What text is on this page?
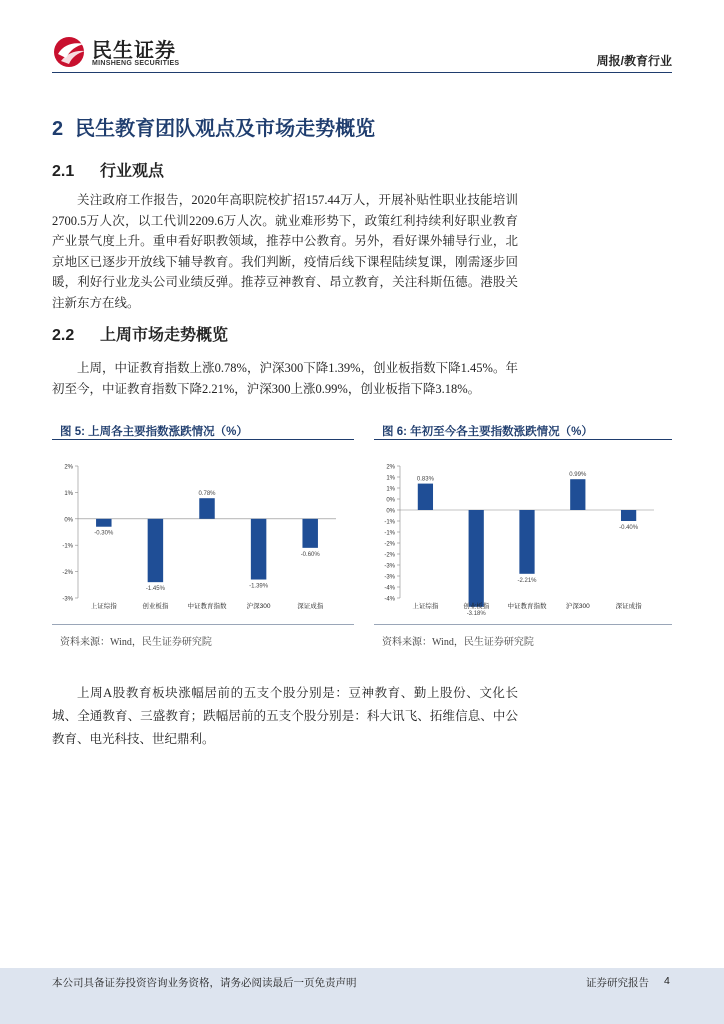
民生证券
MINSHENG SECURITIES	周报/教育行业
2 民生教育团队观点及市场走势概览
2.1 行业观点

关注政府工作报告，2020年高职院校扩招157.44万人，开展补贴性职业技能培训2700.5万人次，以工代训2209.6万人次。就业难形势下，政策红利持续利好职业教育产业景气度上升。重申看好职教领域，推荐中公教育。另外，看好课外辅导行业，北京地区已逐步开放线下辅导教育。我们判断，疫情后线下课程陆续复课，刚需逐步回暖，利好行业龙头公司业绩反弹。推荐豆神教育、昂立教育，关注科斯伍德。港股关注新东方在线。

2.2 上周市场走势概览

上周，中证教育指数上涨0.78%，沪深300下降1.39%，创业板指数下降1.45%。年初至今，中证教育指数下降2.21%，沪深300上涨0.99%，创业板指下降3.18%。

图 5: 上周各主要指数涨跌情况（%）
2%
1%
0%
-1%
-2%
-3%
-0.30%
上证综指
-1.45%
创业板指
0.78%
中证教育指数
-1.39%
沪深300
-0.60%
深证成指
资料来源：Wind，民生证券研究院
图 6: 年初至今各主要指数涨跌情况（%）
2%
1%
1%
0%
0%
-1%
-1%
-2%
-2%
-3%
-3%
-4%
-4%
0.83%
上证综指
-3.18%
创业板指
-2.21%
中证教育指数
0.99%
沪深300
-0.40%
深证成指
资料来源：Wind，民生证券研究院

上周A股教育板块涨幅居前的五支个股分别是：豆神教育、勤上股份、文化长城、全通教育、三盛教育；跌幅居前的五支个股分别是：科大讯飞、拓维信息、中公教育、电光科技、世纪鼎利。

本公司具备证券投资咨询业务资格，请务必阅读最后一页免责声明	证券研究报告 4
